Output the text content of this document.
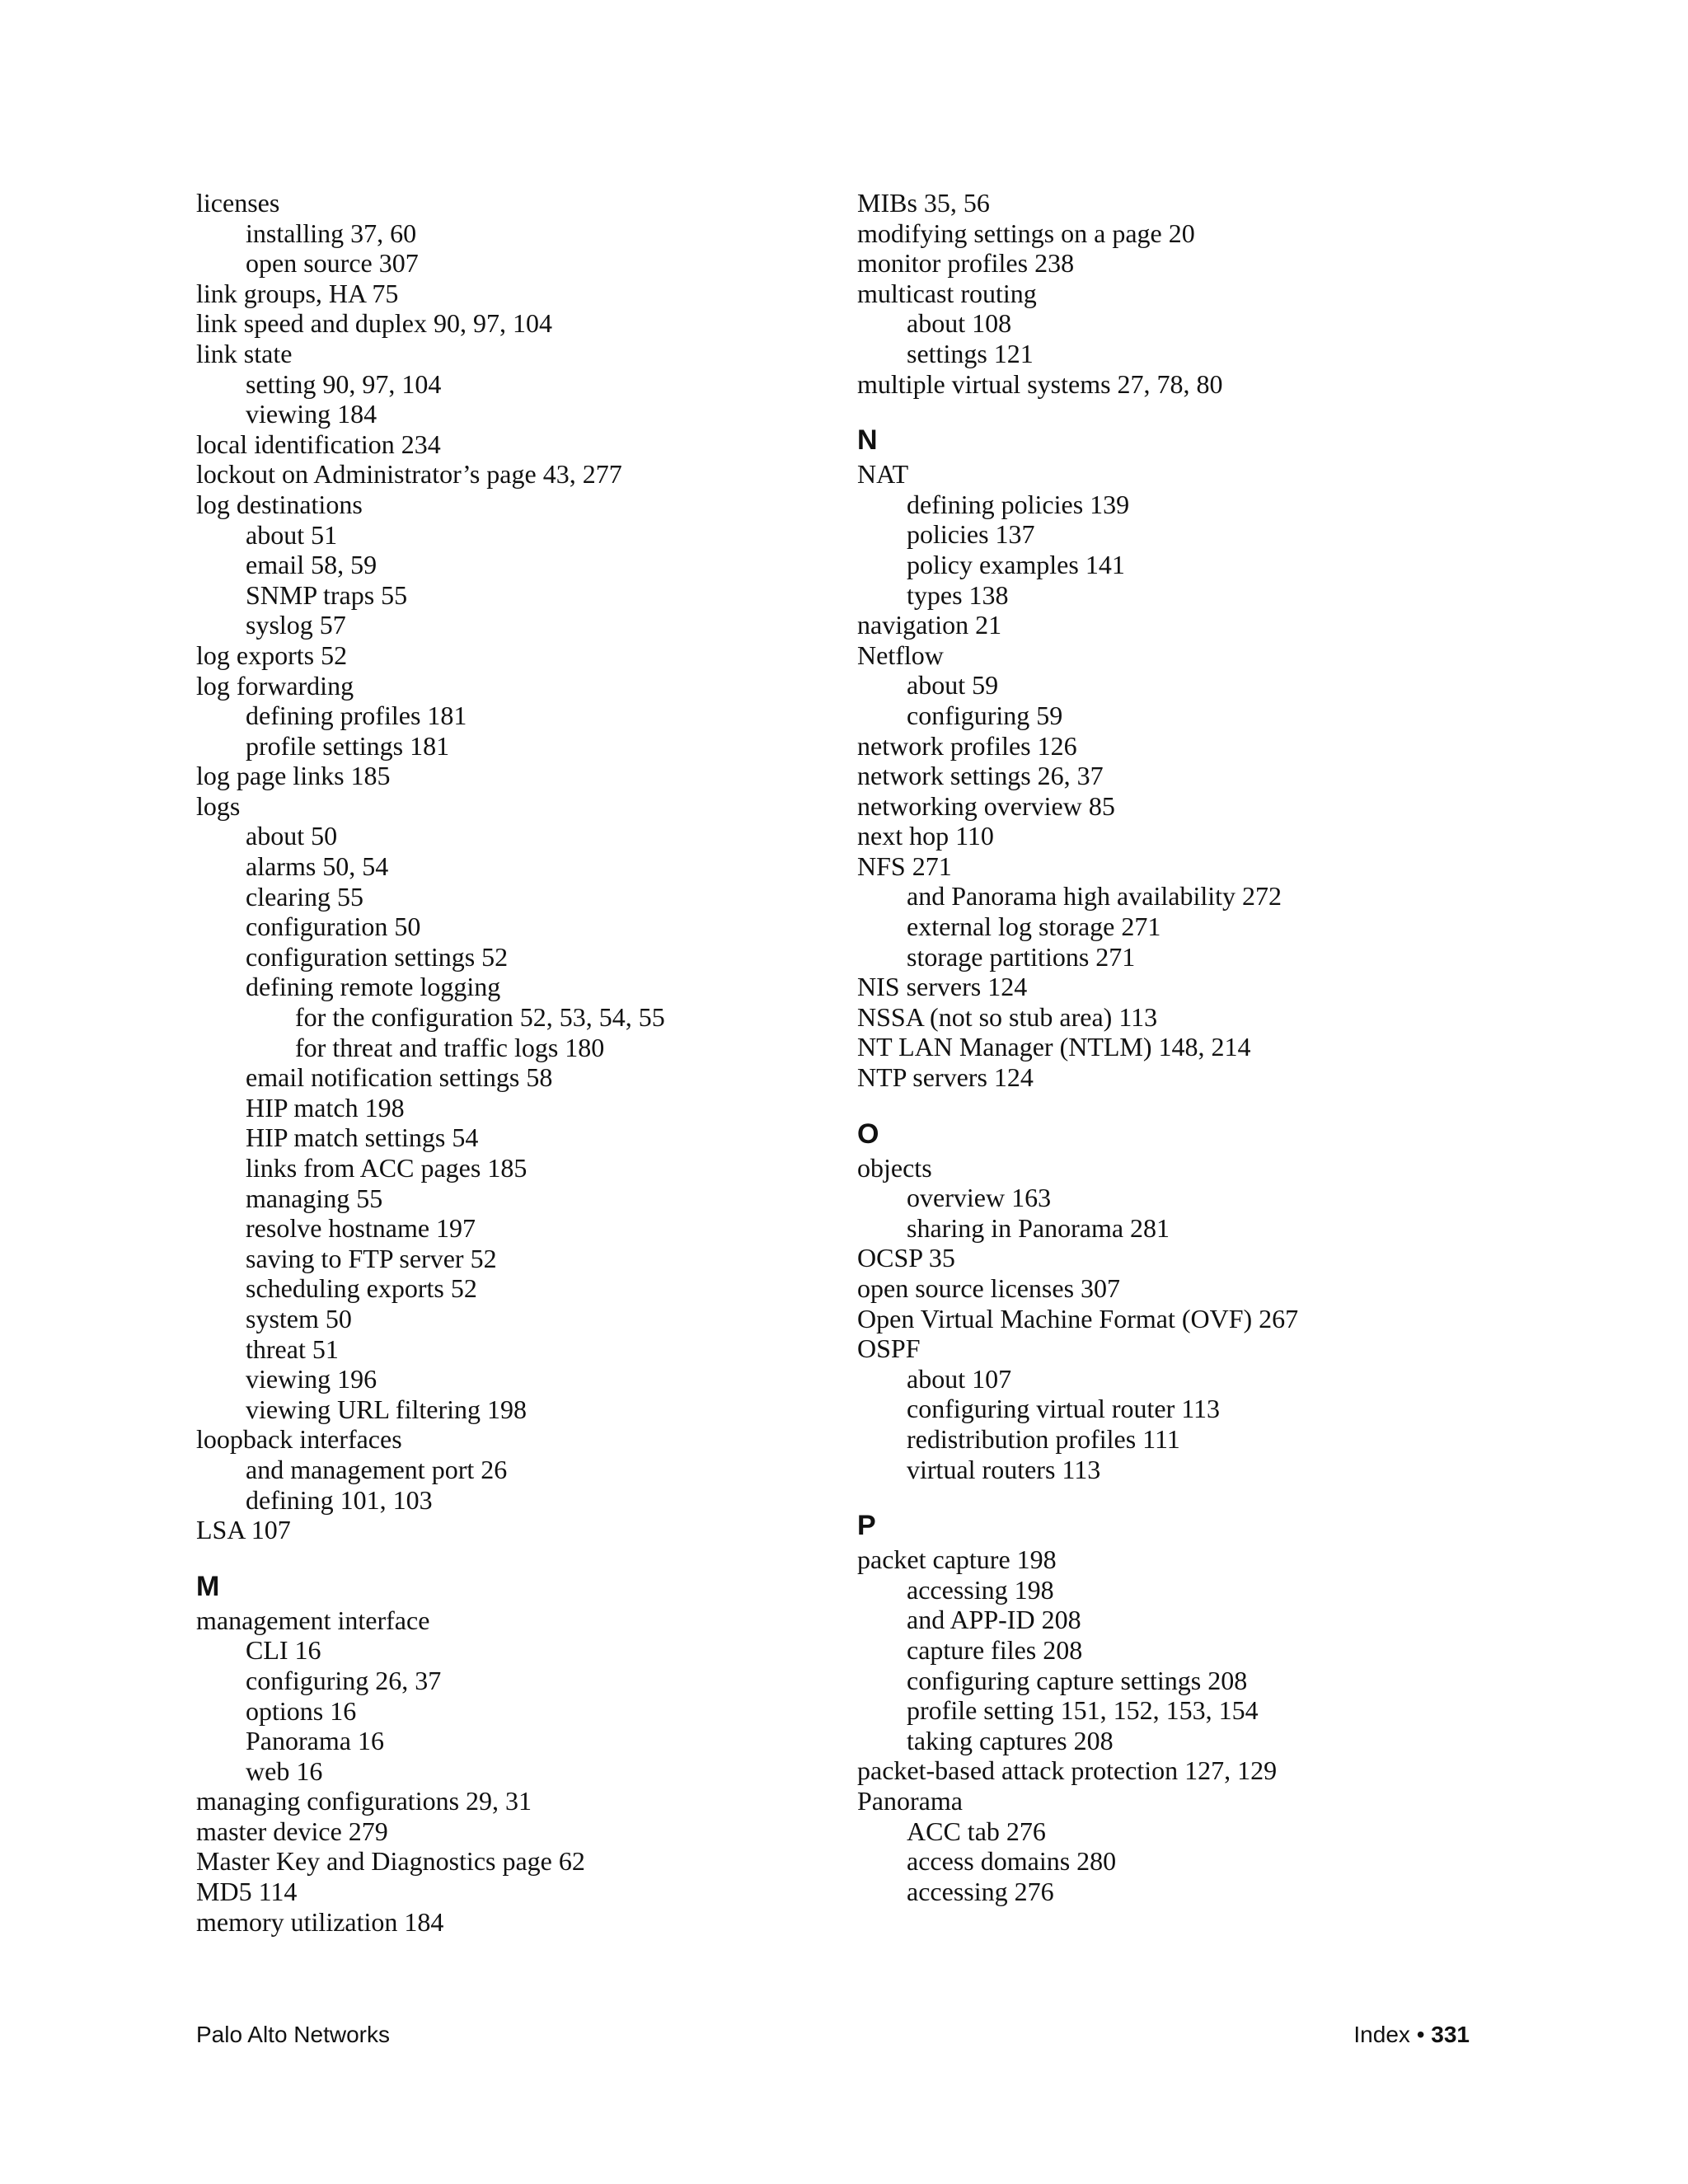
licenses
installing 37, 60
open source 307
link groups, HA 75
link speed and duplex 90, 97, 104
link state
setting 90, 97, 104
viewing 184
local identification 234
lockout on Administrator’s page 43, 277
log destinations
about 51
email 58, 59
SNMP traps 55
syslog 57
log exports 52
log forwarding
defining profiles 181
profile settings 181
log page links 185
logs
about 50
alarms 50, 54
clearing 55
configuration 50
configuration settings 52
defining remote logging
for the configuration 52, 53, 54, 55
for threat and traffic logs 180
email notification settings 58
HIP match 198
HIP match settings 54
links from ACC pages 185
managing 55
resolve hostname 197
saving to FTP server 52
scheduling exports 52
system 50
threat 51
viewing 196
viewing URL filtering 198
loopback interfaces
and management port 26
defining 101, 103
LSA 107
M
management interface
CLI 16
configuring 26, 37
options 16
Panorama 16
web 16
managing configurations 29, 31
master device 279
Master Key and Diagnostics page 62
MD5 114
memory utilization 184
MIBs 35, 56
modifying settings on a page 20
monitor profiles 238
multicast routing
about 108
settings 121
multiple virtual systems 27, 78, 80
N
NAT
defining policies 139
policies 137
policy examples 141
types 138
navigation 21
Netflow
about 59
configuring 59
network profiles 126
network settings 26, 37
networking overview 85
next hop 110
NFS 271
and Panorama high availability 272
external log storage 271
storage partitions 271
NIS servers 124
NSSA (not so stub area) 113
NT LAN Manager (NTLM) 148, 214
NTP servers 124
O
objects
overview 163
sharing in Panorama 281
OCSP 35
open source licenses 307
Open Virtual Machine Format (OVF) 267
OSPF
about 107
configuring virtual router 113
redistribution profiles 111
virtual routers 113
P
packet capture 198
accessing 198
and APP-ID 208
capture files 208
configuring capture settings 208
profile setting 151, 152, 153, 154
taking captures 208
packet-based attack protection 127, 129
Panorama
ACC tab 276
access domains 280
accessing 276
Palo Alto Networks	Index • 331
